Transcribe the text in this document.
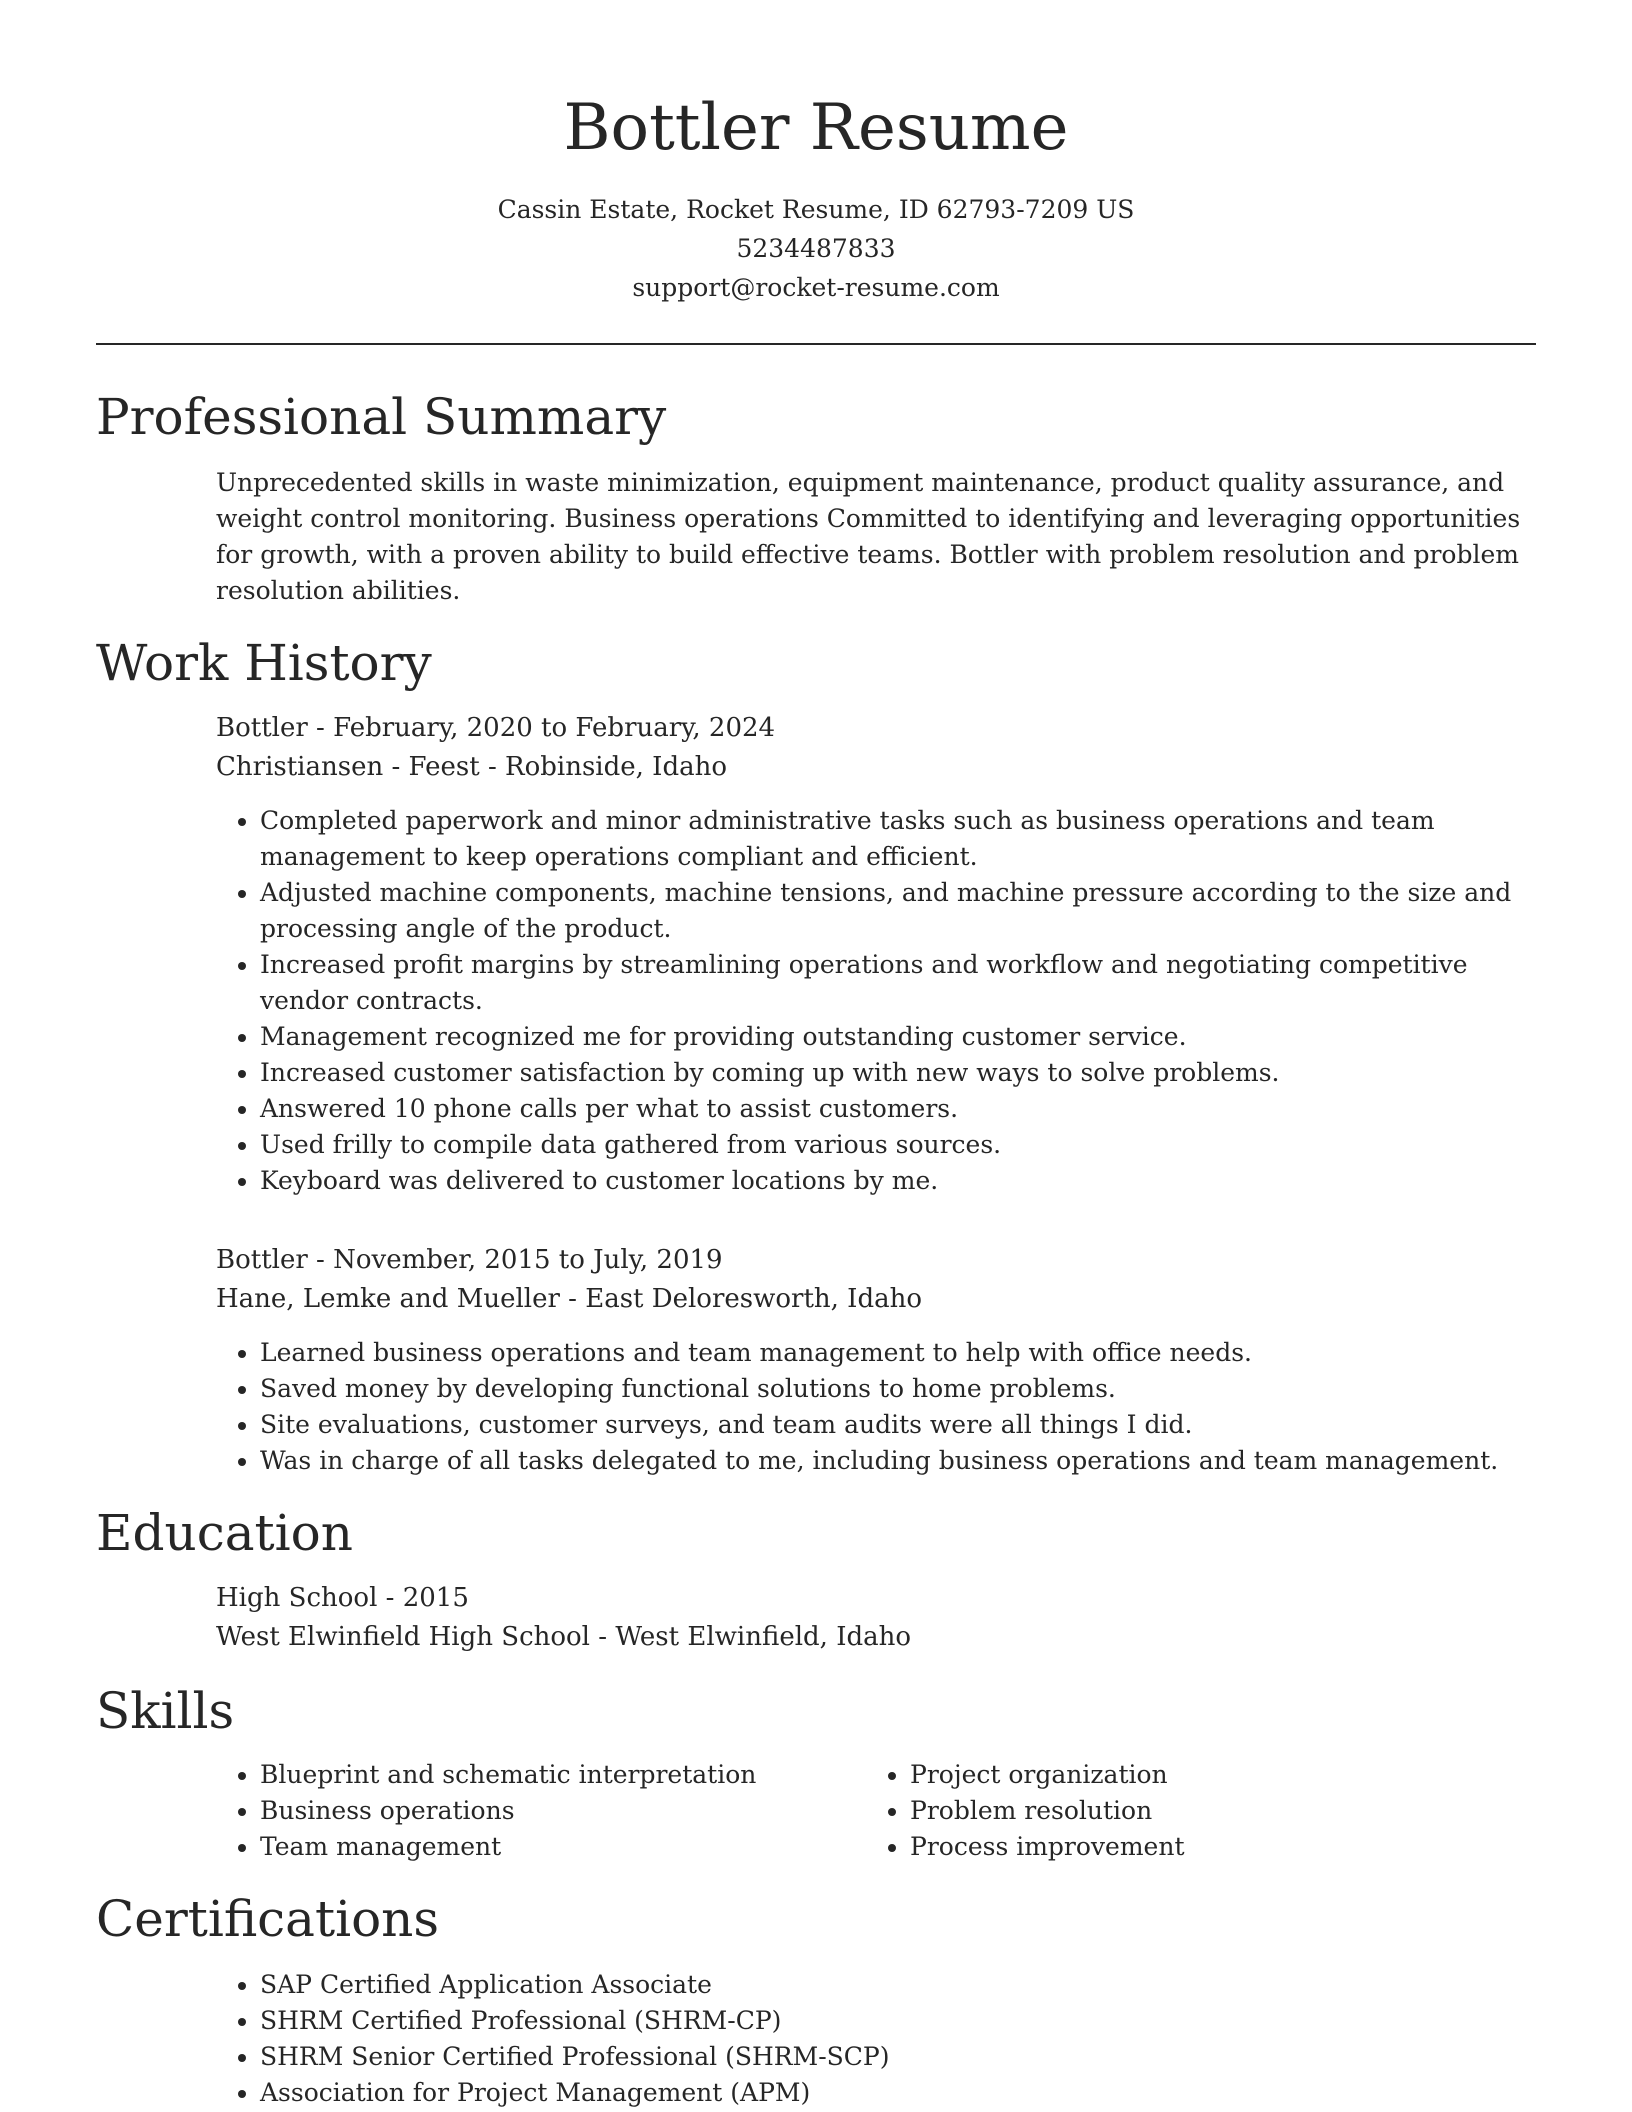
Bottler Resume
Cassin Estate, Rocket Resume, ID 62793-7209 US
5234487833
support@rocket-resume.com
Professional Summary
Unprecedented skills in waste minimization, equipment maintenance, product quality assurance, and weight control monitoring. Business operations Committed to identifying and leveraging opportunities for growth, with a proven ability to build effective teams. Bottler with problem resolution and problem resolution abilities.
Work History
Bottler - February, 2020 to February, 2024
Christiansen - Feest - Robinside, Idaho
• Completed paperwork and minor administrative tasks such as business operations and team management to keep operations compliant and efficient.
• Adjusted machine components, machine tensions, and machine pressure according to the size and processing angle of the product.
• Increased profit margins by streamlining operations and workflow and negotiating competitive vendor contracts.
• Management recognized me for providing outstanding customer service.
• Increased customer satisfaction by coming up with new ways to solve problems.
• Answered 10 phone calls per what to assist customers.
• Used frilly to compile data gathered from various sources.
• Keyboard was delivered to customer locations by me.
Bottler - November, 2015 to July, 2019
Hane, Lemke and Mueller - East Deloresworth, Idaho
• Learned business operations and team management to help with office needs.
• Saved money by developing functional solutions to home problems.
• Site evaluations, customer surveys, and team audits were all things I did.
• Was in charge of all tasks delegated to me, including business operations and team management.
Education
High School - 2015
West Elwinfield High School - West Elwinfield, Idaho
Skills
• Blueprint and schematic interpretation
• Business operations
• Team management
• Project organization
• Problem resolution
• Process improvement
Certifications
• SAP Certified Application Associate
• SHRM Certified Professional (SHRM-CP)
• SHRM Senior Certified Professional (SHRM-SCP)
• Association for Project Management (APM)
